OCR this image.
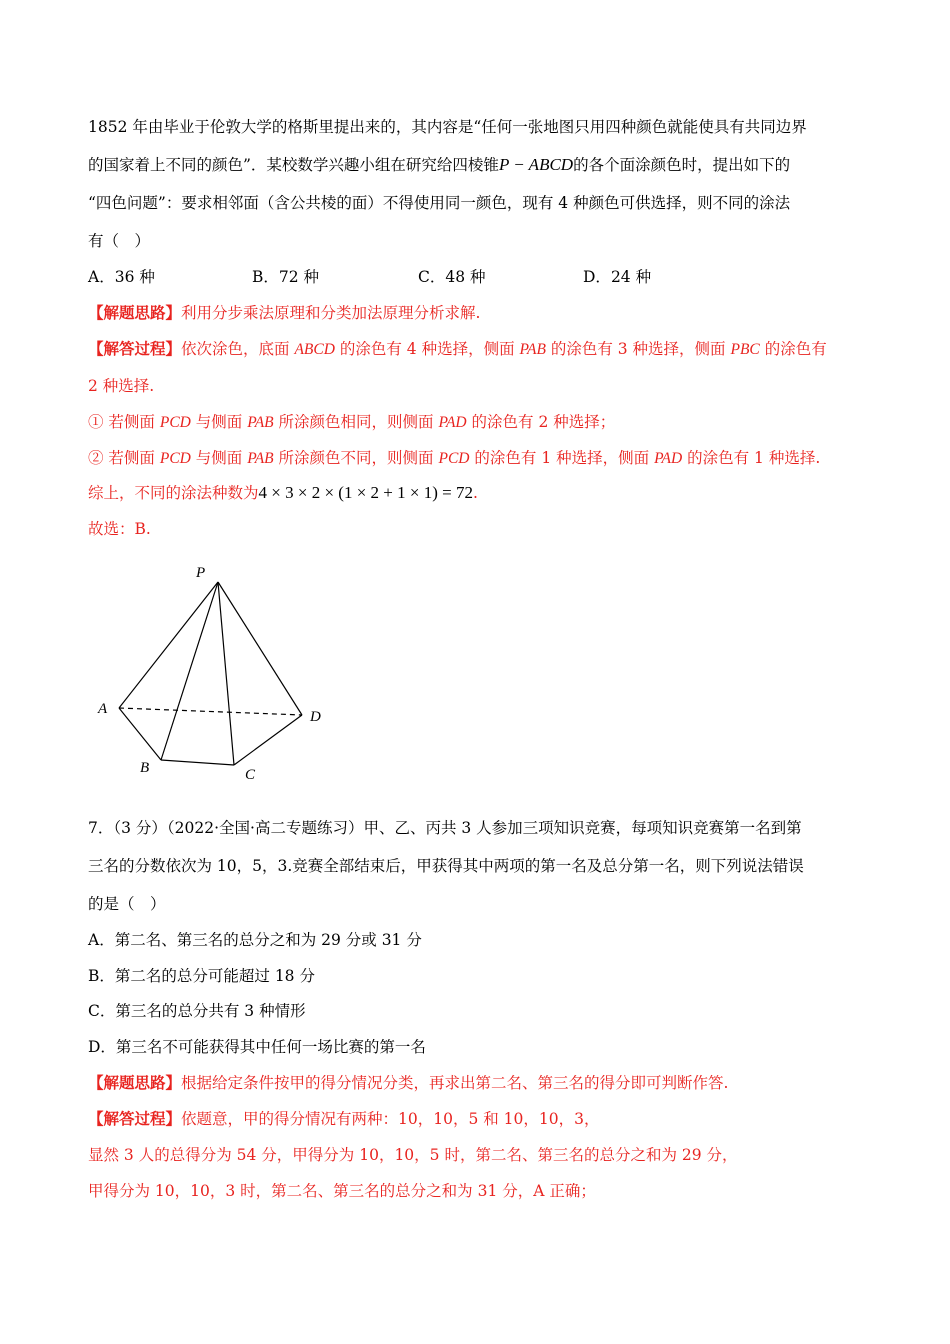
1852 年由毕业于伦敦大学的格斯里提出来的，其内容是“任何一张地图只用四种颜色就能使具有共同边界
的国家着上不同的颜色”．某校数学兴趣小组在研究给四棱锥P − ABCD的各个面涂颜色时，提出如下的
“四色问题”：要求相邻面（含公共棱的面）不得使用同一颜色，现有 4 种颜色可供选择，则不同的涂法
有（　）
A．36 种	B．72 种	C．48 种	D．24 种
【解题思路】利用分步乘法原理和分类加法原理分析求解.
【解答过程】依次涂色，底面 ABCD 的涂色有 4 种选择，侧面 PAB 的涂色有 3 种选择，侧面 PBC 的涂色有
2 种选择.
① 若侧面 PCD 与侧面 PAB 所涂颜色相同，则侧面 PAD 的涂色有 2 种选择；
② 若侧面 PCD 与侧面 PAB 所涂颜色不同，则侧面 PCD 的涂色有 1 种选择，侧面 PAD 的涂色有 1 种选择.
综上，不同的涂法种数为4 × 3 × 2 × (1 × 2 + 1 × 1) = 72.
故选：B.
P
A
B	C
D
7．（3 分）（2022·全国·高二专题练习）甲、乙、丙共 3 人参加三项知识竞赛，每项知识竞赛第一名到第
三名的分数依次为 10，5，3.竞赛全部结束后，甲获得其中两项的第一名及总分第一名，则下列说法错误
的是（　）
A．第二名、第三名的总分之和为 29 分或 31 分
B．第二名的总分可能超过 18 分
C．第三名的总分共有 3 种情形
D．第三名不可能获得其中任何一场比赛的第一名
【解题思路】根据给定条件按甲的得分情况分类，再求出第二名、第三名的得分即可判断作答.
【解答过程】依题意，甲的得分情况有两种：10，10，5 和 10，10，3，
显然 3 人的总得分为 54 分，甲得分为 10，10，5 时，第二名、第三名的总分之和为 29 分，
甲得分为 10，10，3 时，第二名、第三名的总分之和为 31 分，A 正确；
